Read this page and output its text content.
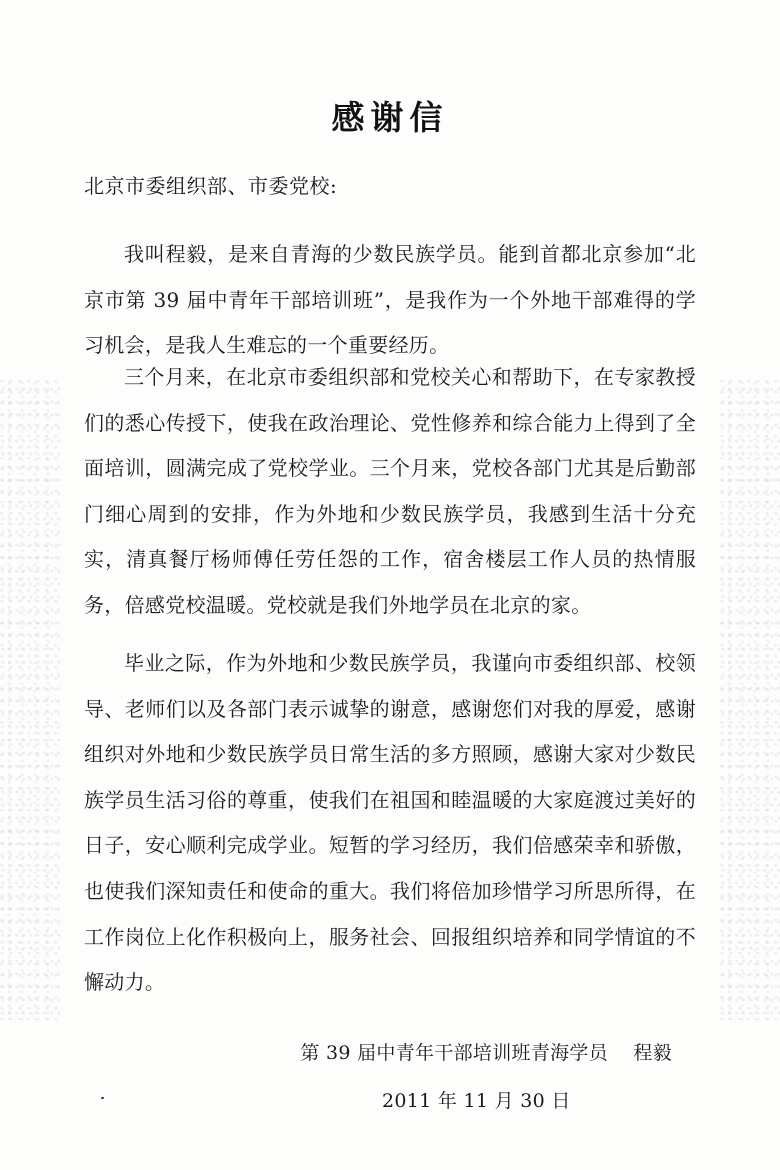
感谢信
北京市委组织部、市委党校:

我叫程毅，是来自青海的少数民族学员。能到首都北京参加“北京市第 39 届中青年干部培训班”，是我作为一个外地干部难得的学习机会，是我人生难忘的一个重要经历。

三个月来，在北京市委组织部和党校关心和帮助下，在专家教授们的悉心传授下，使我在政治理论、党性修养和综合能力上得到了全面培训，圆满完成了党校学业。三个月来，党校各部门尤其是后勤部门细心周到的安排，作为外地和少数民族学员，我感到生活十分充实，清真餐厅杨师傅任劳任怨的工作，宿舍楼层工作人员的热情服务，倍感党校温暖。党校就是我们外地学员在北京的家。

毕业之际，作为外地和少数民族学员，我谨向市委组织部、校领导、老师们以及各部门表示诚挚的谢意，感谢您们对我的厚爱，感谢组织对外地和少数民族学员日常生活的多方照顾，感谢大家对少数民族学员生活习俗的尊重，使我们在祖国和睦温暖的大家庭渡过美好的日子，安心顺利完成学业。短暂的学习经历，我们倍感荣幸和骄傲，也使我们深知责任和使命的重大。我们将倍加珍惜学习所思所得，在工作岗位上化作积极向上，服务社会、回报组织培养和同学情谊的不懈动力。

第 39 届中青年干部培训班青海学员    程毅
2011 年 11 月 30 日
